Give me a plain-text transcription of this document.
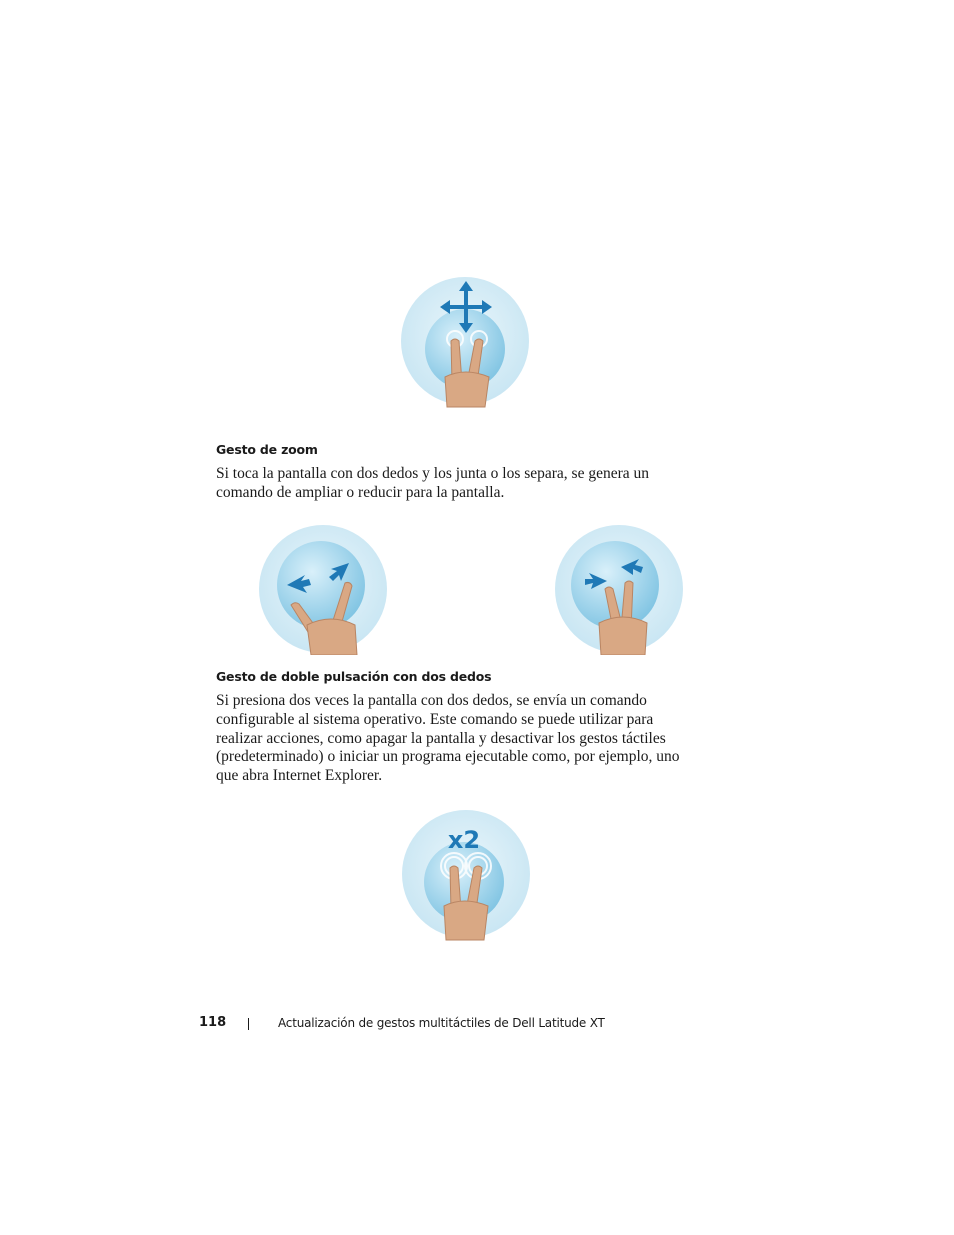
Gesto de zoom

Si toca la pantalla con dos dedos y los junta o los separa, se genera un
comando de ampliar o reducir para la pantalla.

Gesto de doble pulsación con dos dedos

Si presiona dos veces la pantalla con dos dedos, se envía un comando
configurable al sistema operativo. Este comando se puede utilizar para
realizar acciones, como apagar la pantalla y desactivar los gestos táctiles
(predeterminado) o iniciar un programa ejecutable como, por ejemplo, uno
que abra Internet Explorer.

x2
118	Actualización de gestos multitáctiles de Dell Latitude XT
